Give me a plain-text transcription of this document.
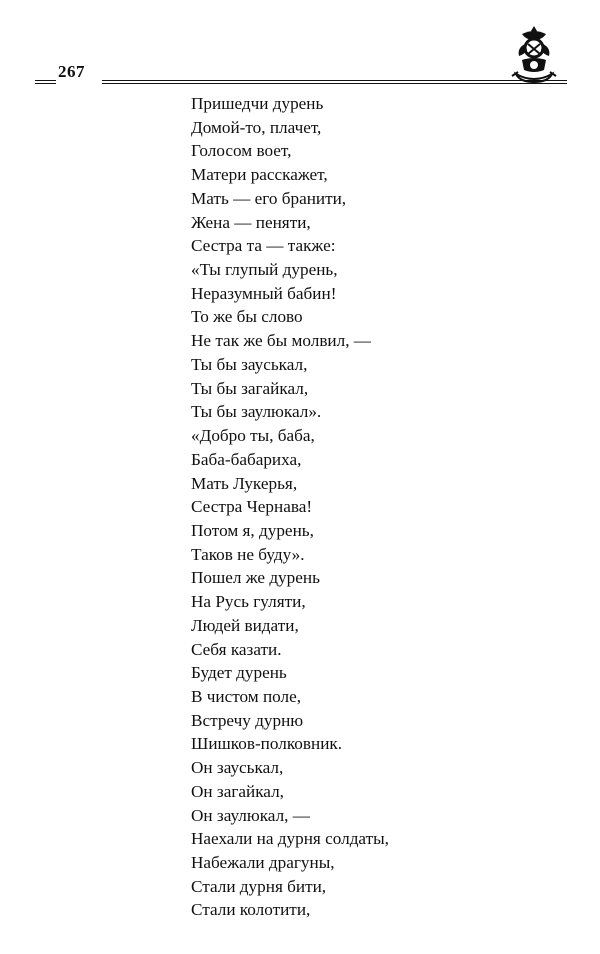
267
Пришедчи дурень
Домой-то, плачет,
Голосом воет,
Матери расскажет,
Мать — его бранити,
Жена — пеняти,
Сестра та — также:
«Ты глупый дурень,
Неразумный бабин!
То же бы слово
Не так же бы молвил, —
Ты бы зауськал,
Ты бы загайкал,
Ты бы заулюкал».
«Добро ты, баба,
Баба-бабариха,
Мать Лукерья,
Сестра Чернава!
Потом я, дурень,
Таков не буду».
Пошел же дурень
На Русь гуляти,
Людей видати,
Себя казати.
Будет дурень
В чистом поле,
Встречу дурню
Шишков-полковник.
Он зауськал,
Он загайкал,
Он заулюкал, —
Наехали на дурня солдаты,
Набежали драгуны,
Стали дурня бити,
Стали колотити,
